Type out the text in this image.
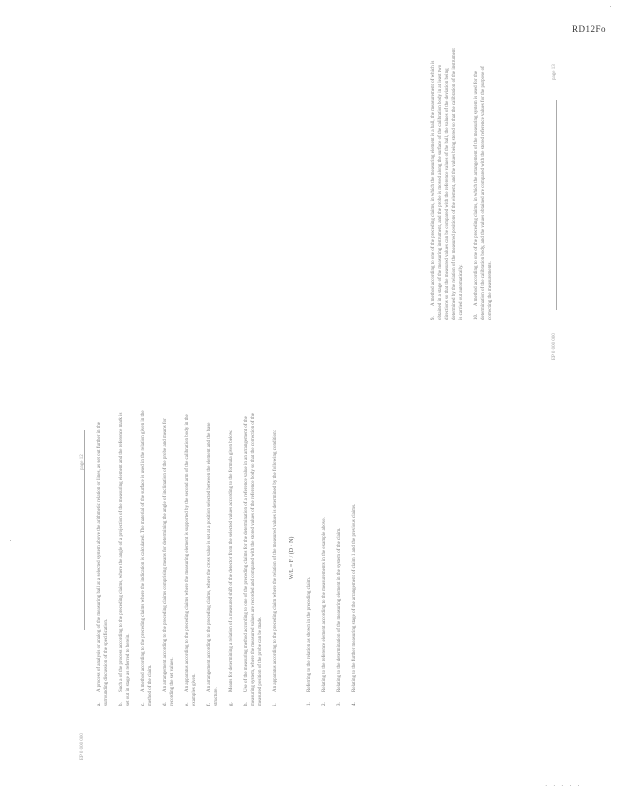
RD12Fo

a.A process of analysis or analog of the measuring ball at a selected system above the arithmetic relation or lines, as set out further in the surrounding discussion of the specification. b.Such a of the process according to the preceding claims, where the angle of a projection of the measuring element and the reference mark is set out in stage as referred to herein. c.A method according to the preceding claims where the indication is calculated. The material of the surface is used in the relation given in the method of the claim. d.An arrangement according to the preceding claims comprising means for determining the angle of inclination of the probe and means for recording the set values. e.An apparatus according to the preceding claims where the measuring element is supported by the second arm of the calibration body in the examples given. f.An arrangement according to the preceding claims, where the cross value is set at a position selected between the element and the base structure. g.Means for determining a relation of a measured shift of the detector from the selected values according to the formula given below.

h.Use of the measuring method according to one of the preceding claims for the determination of a reference value in an arrangement of the measuring system, where the measured values are recorded and compared with the stored values of the reference body so that the correction of the measured position of the probe can be made. i.An apparatus according to the preceding claim where the relation of the measured values is determined by the following condition: W/L = F / (D · N)

1.Referring to the relation as shown in the preceding claim.

2.Relating to the reference element according to the measurements in the example above.

3.Relating to the determination of the measuring element in the system of the claim.

4.Relating to the further measuring stage of the arrangement of claim 1 and the previous claims.

9.A method according to one of the preceding claims, in which the measuring element is a ball, the measurement of which is obtained in a stage of the measuring instrument, and the probe is moved along the surface of the calibration body in at least two directions so that the measured values can be compared with the reference values of the ball, the values of the deviation being determined by the relation of the measured positions of the element, and the values being stored so that the calibration of the instrument is carried out automatically. 10.A method according to one of the preceding claims, in which the arrangement of the measuring system is used for the determination of the calibration body, and the values obtained are compared with the stored reference values for the purpose of correcting the measurements.

EP 0 000 000
page 12
EP 0 000 000
page 13
· · · · ·
